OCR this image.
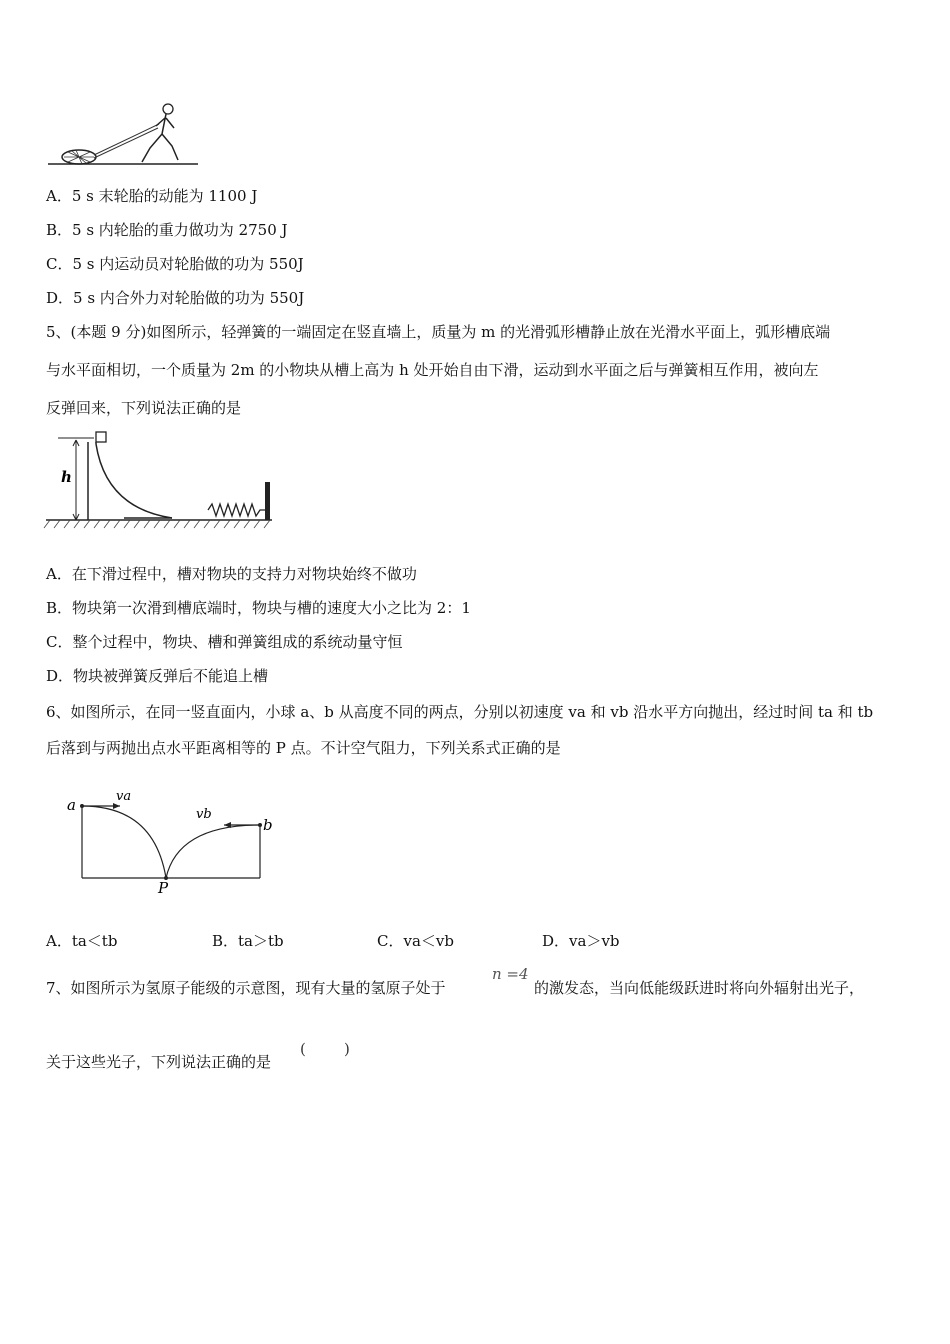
A．5 s 末轮胎的动能为 1100 J
B．5 s 内轮胎的重力做功为 2750 J
C．5 s 内运动员对轮胎做的功为 550J
D．5 s 内合外力对轮胎做的功为 550J
5、(本题 9 分)如图所示，轻弹簧的一端固定在竖直墙上，质量为 m 的光滑弧形槽静止放在光滑水平面上，弧形槽底端
与水平面相切，一个质量为 2m 的小物块从槽上高为 h 处开始自由下滑，运动到水平面之后与弹簧相互作用，被向左
反弹回来，下列说法正确的是
h
A．在下滑过程中，槽对物块的支持力对物块始终不做功
B．物块第一次滑到槽底端时，物块与槽的速度大小之比为 2：1
C．整个过程中，物块、槽和弹簧组成的系统动量守恒
D．物块被弹簧反弹后不能追上槽
6、如图所示，在同一竖直面内，小球 a、b 从高度不同的两点，分别以初速度 va 和 vb 沿水平方向抛出，经过时间 ta 和 tb
后落到与两抛出点水平距离相等的 P 点。不计空气阻力，下列关系式正确的是
a
b
va
vb
P
A．ta＜tb	B．ta＞tb	C．va＜vb	D．va＞vb
7、如图所示为氢原子能级的示意图，现有大量的氢原子处于
n =4
的激发态，当向低能级跃进时将向外辐射出光子，
关于这些光子，下列说法正确的是
(        )
